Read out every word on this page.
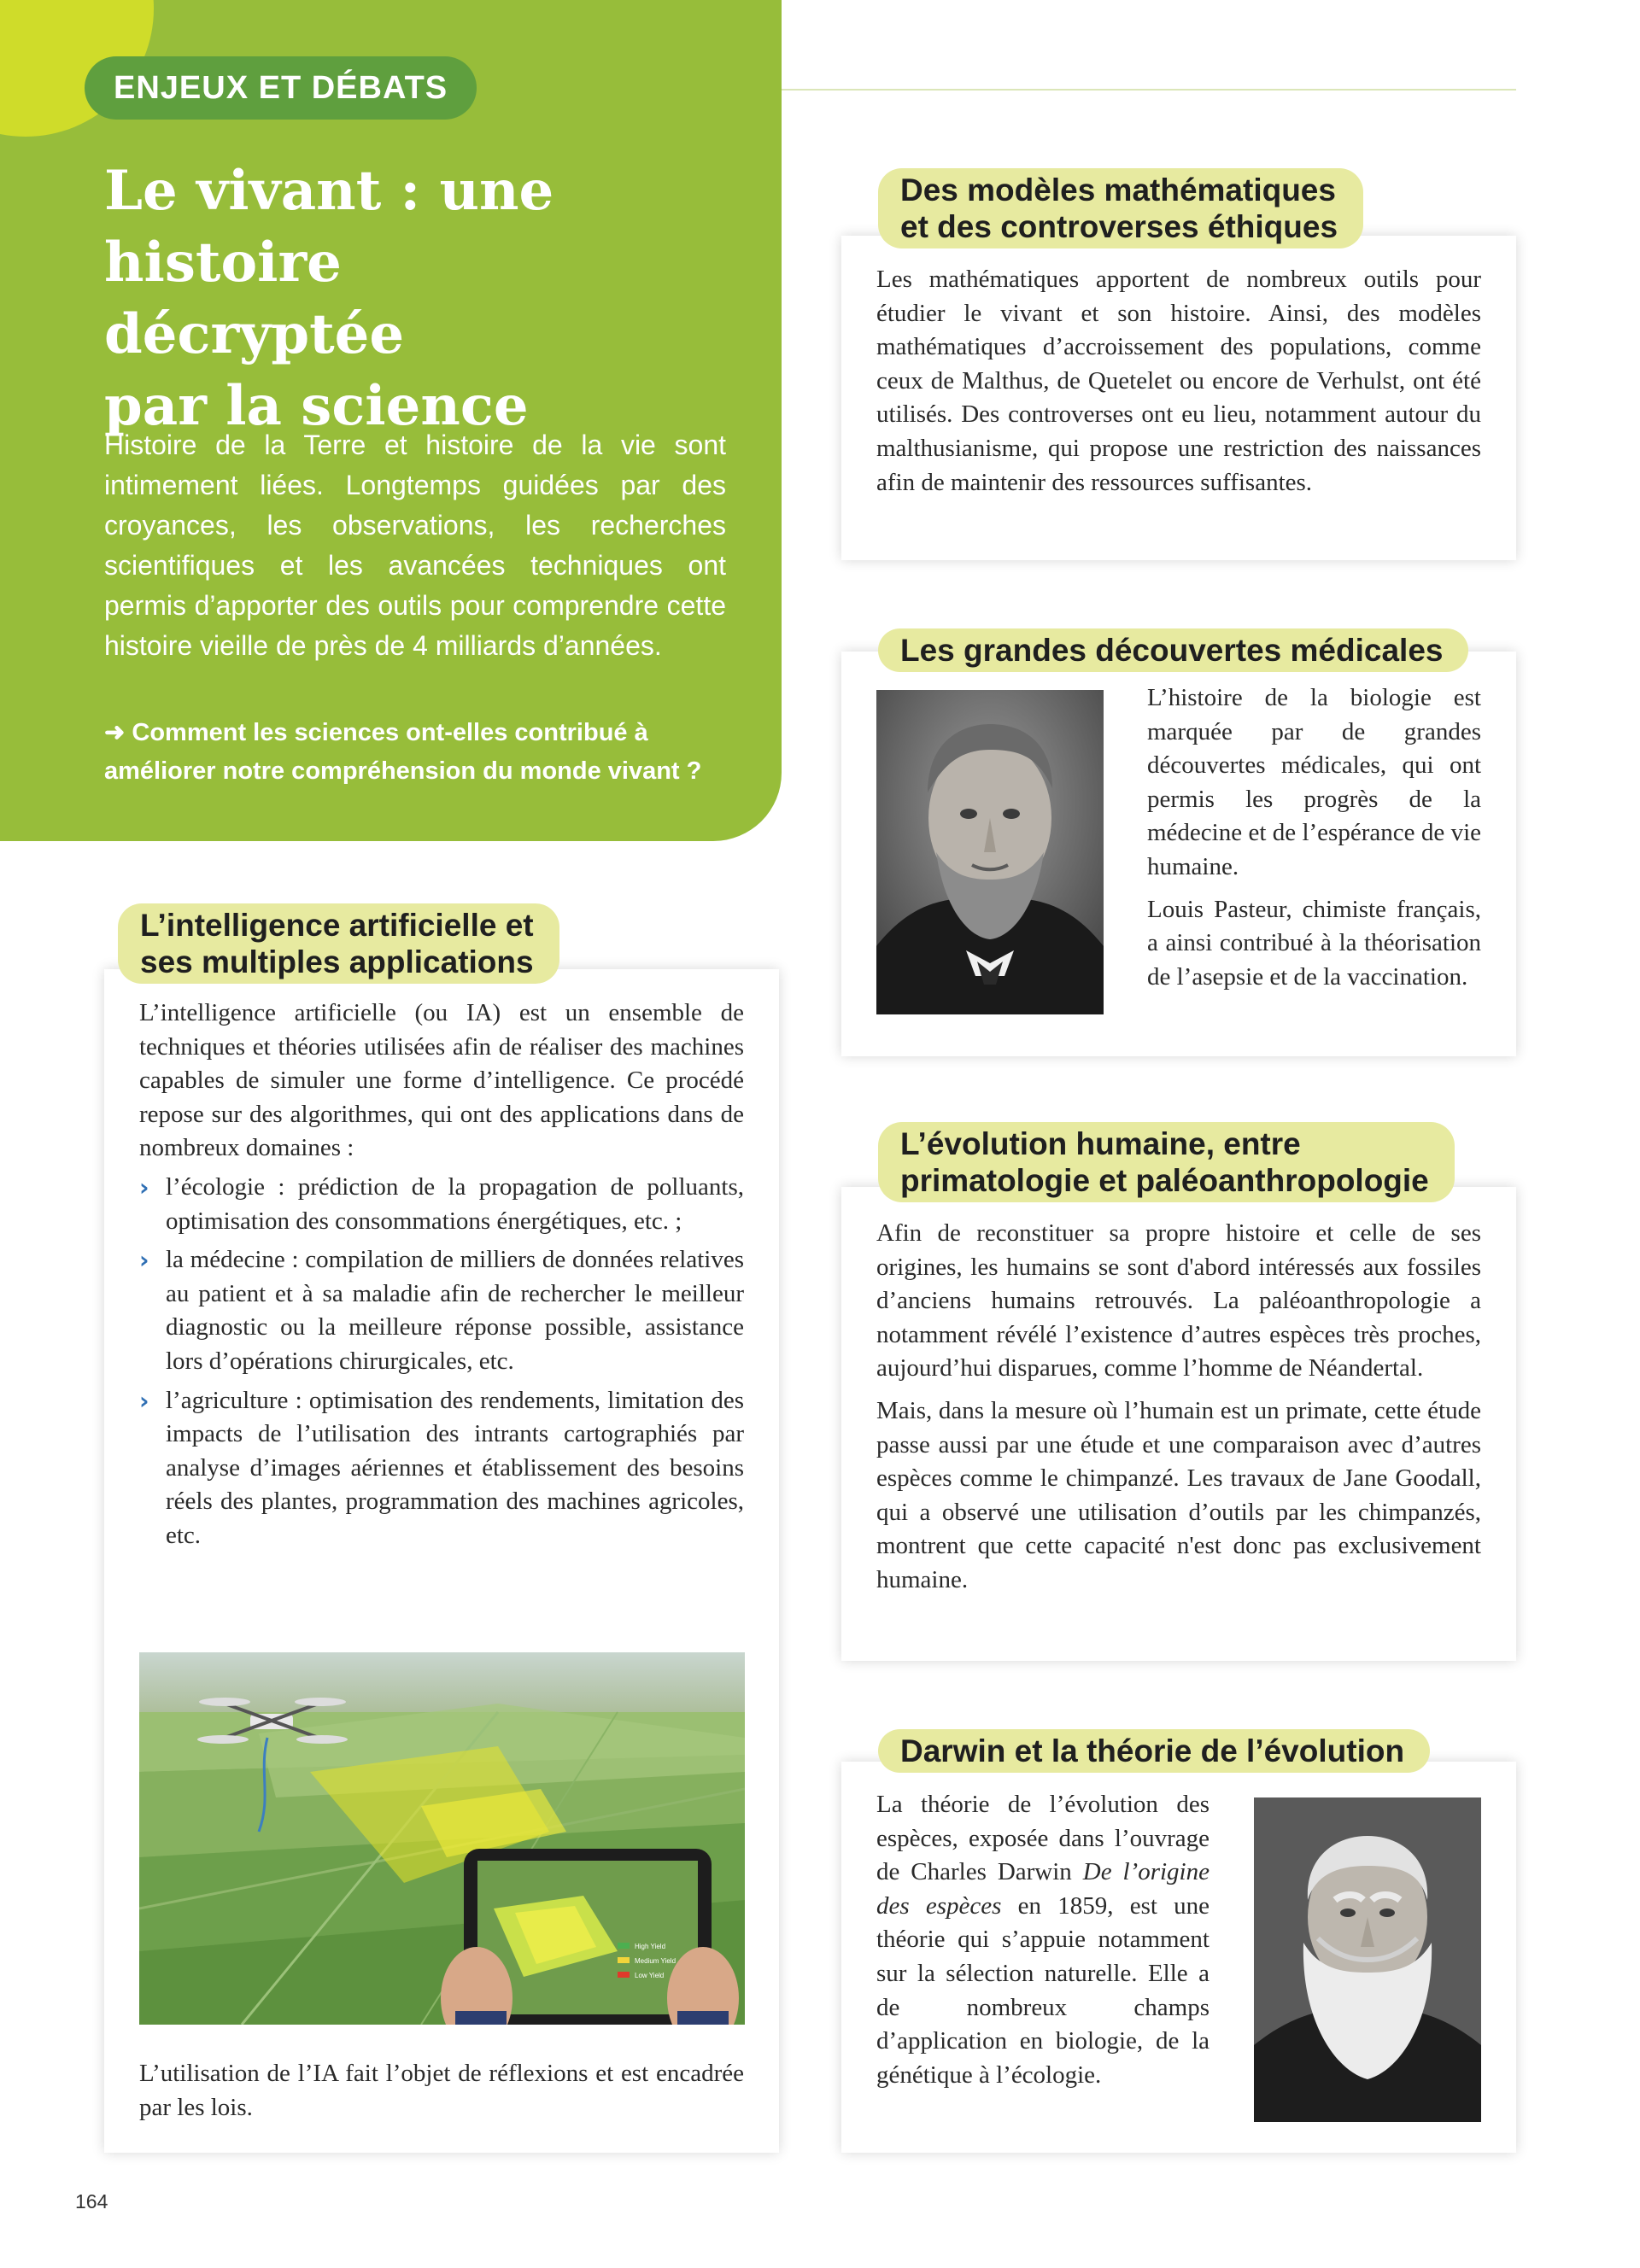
ENJEUX ET DÉBATS
Le vivant : une histoire
décryptée
par la science

Histoire de la Terre et histoire de la vie sont intimement liées. Longtemps guidées par des croyances, les observations, les recherches scientifiques et les avancées techniques ont permis d’apporter des outils pour comprendre cette histoire vieille de près de 4 milliards d’années.

➜ Comment les sciences ont-elles contribué à améliorer notre compréhension du monde vivant ?

L’intelligence artificielle et
ses multiples applications

L’intelligence artificielle (ou IA) est un ensemble de techniques et théories utilisées afin de réaliser des machines capables de simuler une forme d’intelligence. Ce procédé repose sur des algorithmes, qui ont des applications dans de nombreux domaines :

› l’écologie : prédiction de la propagation de polluants, optimisation des consommations énergétiques, etc. ;
› la médecine : compilation de milliers de données relatives au patient et à sa maladie afin de rechercher le meilleur diagnostic ou la meilleure réponse possible, assistance lors d’opérations chirurgicales, etc.
› l’agriculture : optimisation des rendements, limitation des impacts de l’utilisation des intrants cartographiés par analyse d’images aériennes et établissement des besoins réels des plantes, programmation des machines agricoles, etc.
High Yield
Medium Yield
Low Yield

L’utilisation de l’IA fait l’objet de réflexions et est encadrée par les lois.

Des modèles mathématiques
et des controverses éthiques

Les mathématiques apportent de nombreux outils pour étudier le vivant et son histoire. Ainsi, des modèles mathématiques d’accroissement des populations, comme ceux de Malthus, de Quetelet ou encore de Verhulst, ont été utilisés. Des controverses ont eu lieu, notamment autour du malthusianisme, qui propose une restriction des naissances afin de maintenir des ressources suffisantes.

Les grandes découvertes médicales

L’histoire de la biologie est marquée par de grandes découvertes médicales, qui ont permis les progrès de la médecine et de l’espérance de vie humaine.

Louis Pasteur, chimiste français, a ainsi contribué à la théorisation de l’asepsie et de la vaccination.

L’évolution humaine, entre
primatologie et paléoanthropologie

Afin de reconstituer sa propre histoire et celle de ses origines, les humains se sont d'abord intéressés aux fossiles d’anciens humains retrouvés. La paléoanthropologie a notamment révélé l’existence d’autres espèces très proches, aujourd’hui disparues, comme l’homme de Néandertal.

Mais, dans la mesure où l’humain est un primate, cette étude passe aussi par une étude et une comparaison avec d’autres espèces comme le chimpanzé. Les travaux de Jane Goodall, qui a observé une utilisation d’outils par les chimpanzés, montrent que cette capacité n'est donc pas exclusivement humaine.

Darwin et la théorie de l’évolution

La théorie de l’évolution des espèces, exposée dans l’ouvrage de Charles Darwin De l’origine des espèces en 1859, est une théorie qui s’appuie notamment sur la sélection naturelle. Elle a de nombreux champs d’application en biologie, de la génétique à l’écologie.

164
